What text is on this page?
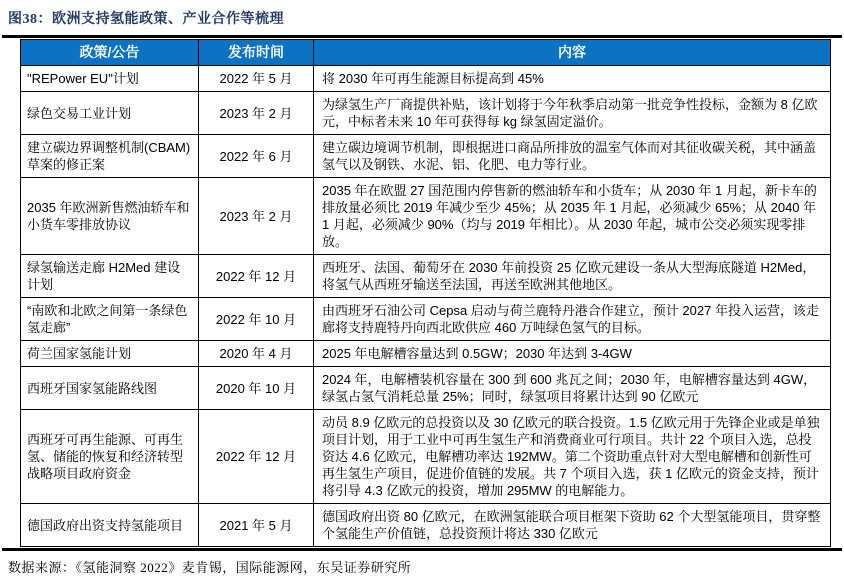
图38：欧洲支持氢能政策、产业合作等梳理
政策/公告	发布时间	内容
"REPower EU"计划	2022 年 5 月	将 2030 年可再生能源目标提高到 45%
绿色交易工业计划	2023 年 2 月	为绿氢生产厂商提供补贴，该计划将于今年秋季启动第一批竞争性投标，金额为 8 亿欧元，中标者未来 10 年可获得每 kg 绿氢固定溢价。
建立碳边界调整机制(CBAM)草案的修正案	2022 年 6 月	建立碳边境调节机制，即根据进口商品所排放的温室气体而对其征收碳关税，其中涵盖氢气以及钢铁、水泥、铝、化肥、电力等行业。
2035 年欧洲新售燃油轿车和小货车零排放协议	2023 年 2 月	2035 年在欧盟 27 国范围内停售新的燃油轿车和小货车；从 2030 年 1 月起，新卡车的排放量必须比 2019 年减少至少 45%；从 2035 年 1 月起，必须减少 65%；从 2040 年 1 月起，必须减少 90%（均与 2019 年相比）。从 2030 年起，城市公交必须实现零排放。
绿氢输送走廊 H2Med 建设计划	2022 年 12 月	西班牙、法国、葡萄牙在 2030 年前投资 25 亿欧元建设一条从大型海底隧道 H2Med，将氢气从西班牙输送至法国，再送至欧洲其他地区。
“南欧和北欧之间第一条绿色氢走廊”	2022 年 10 月	由西班牙石油公司 Cepsa 启动与荷兰鹿特丹港合作建立，预计 2027 年投入运营，该走廊将支持鹿特丹向西北欧供应 460 万吨绿色氢气的目标。
荷兰国家氢能计划	2020 年 4 月	2025 年电解槽容量达到 0.5GW；2030 年达到 3-4GW
西班牙国家氢能路线图	2020 年 10 月	2024 年，电解槽装机容量在 300 到 600 兆瓦之间；2030 年，电解槽容量达到 4GW，绿氢占氢气消耗总量 25%；同时，绿氢项目将累计达到 90 亿欧元
西班牙可再生能源、可再生氢、储能的恢复和经济转型战略项目政府资金	2022 年 12 月	动员 8.9 亿欧元的总投资以及 30 亿欧元的联合投资。1.5 亿欧元用于先锋企业或是单独项目计划，用于工业中可再生氢生产和消费商业可行项目。共计 22 个项目入选，总投资达 4.6 亿欧元，电解槽功率达 192MW。第二个资助重点针对大型电解槽和创新性可再生氢生产项目，促进价值链的发展。共 7 个项目入选，获 1 亿欧元的资金支持，预计将引导 4.3 亿欧元的投资，增加 295MW 的电解能力。
德国政府出资支持氢能项目	2021 年 5 月	德国政府出资 80 亿欧元，在欧洲氢能联合项目框架下资助 62 个大型氢能项目，贯穿整个氢能生产价值链，总投资预计将达 330 亿欧元
数据来源：《氢能洞察 2022》麦肯锡，国际能源网，东吴证券研究所
